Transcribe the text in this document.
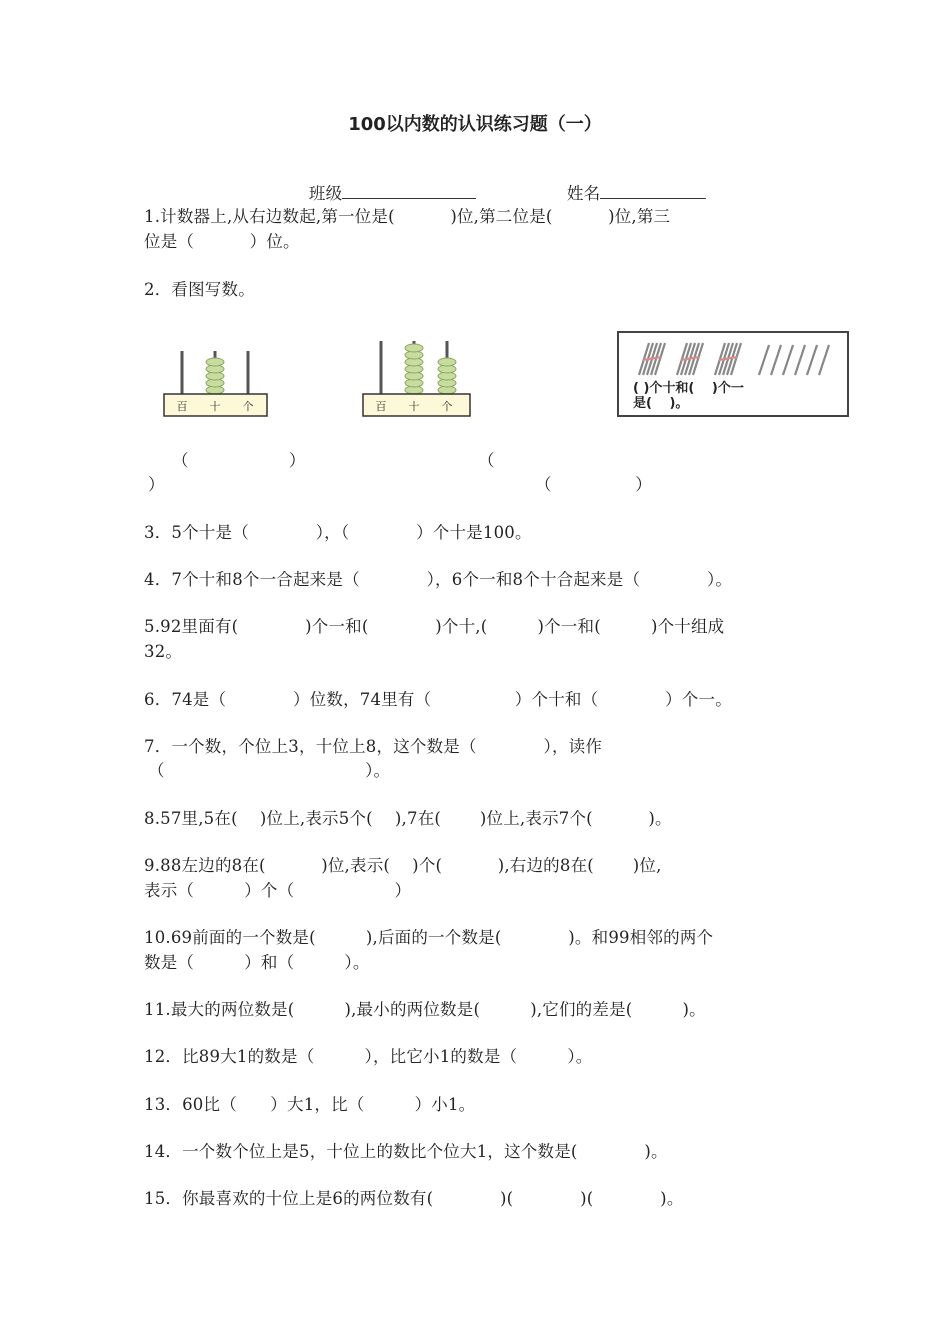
100以内数的认识练习题（一）

班级	姓名

1.计数器上,从右边数起,第一位是(　　　 )位,第二位是(　　　 )位,第三
位是（　　　 ）位。
2．看图写数。
百 十 个	百 十 个
( )个十和(　 )个一
是(　 )。
（　　　　　　）	（
）	（　　　　　）
3．5个十是（　　　　），（　　　　）个十是100。
4．7个十和8个一合起来是（　　　　），6个一和8个十合起来是（　　　　）。
5.92里面有(　　　　)个一和(　　　　)个十,(　　　)个一和(　　　)个十组成
32。
6．74是（　　　　）位数，74里有（　　　　　）个十和（　　　　）个一。
7．一个数，个位上3，十位上8，这个数是（　　　　），读作
（　　　　　　　　　　　　）。
8.57里,5在(　 )位上,表示5个(　 ),7在(　　 )位上,表示7个(　　　 )。
9.88左边的8在(　　　 )位,表示(　 )个(　　　 ),右边的8在(　　 )位,
表示（　　　）个（　　　　　　）
10.69前面的一个数是(　　　),后面的一个数是(　　　　)。和99相邻的两个
数是（　　　）和（　　　）。
11.最大的两位数是(　　　),最小的两位数是(　　　),它们的差是(　　　)。
12．比89大1的数是（　　　），比它小1的数是（　　　）。
13．60比（　　）大1，比（　　　）小1。
14．一个数个位上是5，十位上的数比个位大1，这个数是(　　　　)。
15．你最喜欢的十位上是6的两位数有(　　　　)(　　　　)(　　　　)。
